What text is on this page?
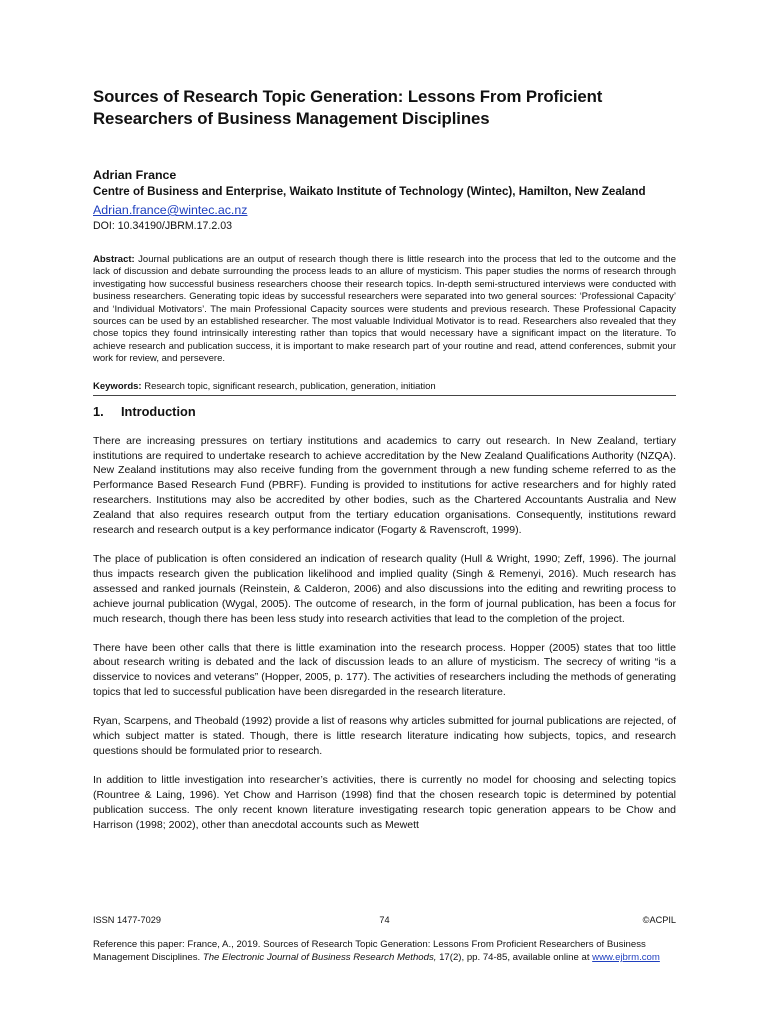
Sources of Research Topic Generation: Lessons From Proficient Researchers of Business Management Disciplines
Adrian France
Centre of Business and Enterprise, Waikato Institute of Technology (Wintec), Hamilton, New Zealand
Adrian.france@wintec.ac.nz
DOI: 10.34190/JBRM.17.2.03
Abstract: Journal publications are an output of research though there is little research into the process that led to the outcome and the lack of discussion and debate surrounding the process leads to an allure of mysticism. This paper studies the norms of research through investigating how successful business researchers choose their research topics. In-depth semi-structured interviews were conducted with business researchers. Generating topic ideas by successful researchers were separated into two general sources: ‘Professional Capacity’ and ‘Individual Motivators’. The main Professional Capacity sources were students and previous research. These Professional Capacity sources can be used by an established researcher. The most valuable Individual Motivator is to read. Researchers also revealed that they chose topics they found intrinsically interesting rather than topics that would necessary have a significant impact on the literature. To achieve research and publication success, it is important to make research part of your routine and read, attend conferences, submit your work for review, and persevere.
Keywords: Research topic, significant research, publication, generation, initiation
1. Introduction

There are increasing pressures on tertiary institutions and academics to carry out research. In New Zealand, tertiary institutions are required to undertake research to achieve accreditation by the New Zealand Qualifications Authority (NZQA). New Zealand institutions may also receive funding from the government through a new funding scheme referred to as the Performance Based Research Fund (PBRF). Funding is provided to institutions for active researchers and for highly rated researchers. Institutions may also be accredited by other bodies, such as the Chartered Accountants Australia and New Zealand that also requires research output from the tertiary education organisations. Consequently, institutions reward research and research output is a key performance indicator (Fogarty & Ravenscroft, 1999).

The place of publication is often considered an indication of research quality (Hull & Wright, 1990; Zeff, 1996). The journal thus impacts research given the publication likelihood and implied quality (Singh & Remenyi, 2016). Much research has assessed and ranked journals (Reinstein, & Calderon, 2006) and also discussions into the editing and rewriting process to achieve journal publication (Wygal, 2005). The outcome of research, in the form of journal publication, has been a focus for much research, though there has been less study into research activities that lead to the completion of the project.

There have been other calls that there is little examination into the research process. Hopper (2005) states that too little about research writing is debated and the lack of discussion leads to an allure of mysticism. The secrecy of writing “is a disservice to novices and veterans” (Hopper, 2005, p. 177). The activities of researchers including the methods of generating topics that led to successful publication have been disregarded in the research literature.

Ryan, Scarpens, and Theobald (1992) provide a list of reasons why articles submitted for journal publications are rejected, of which subject matter is stated. Though, there is little research literature indicating how subjects, topics, and research questions should be formulated prior to research.

In addition to little investigation into researcher’s activities, there is currently no model for choosing and selecting topics (Rountree & Laing, 1996). Yet Chow and Harrison (1998) find that the chosen research topic is determined by potential publication success. The only recent known literature investigating research topic generation appears to be Chow and Harrison (1998; 2002), other than anecdotal accounts such as Mewett

ISSN 1477-7029	74	©ACPIL
Reference this paper: France, A., 2019. Sources of Research Topic Generation: Lessons From Proficient Researchers of Business Management Disciplines. The Electronic Journal of Business Research Methods, 17(2), pp. 74-85, available online at www.ejbrm.com
